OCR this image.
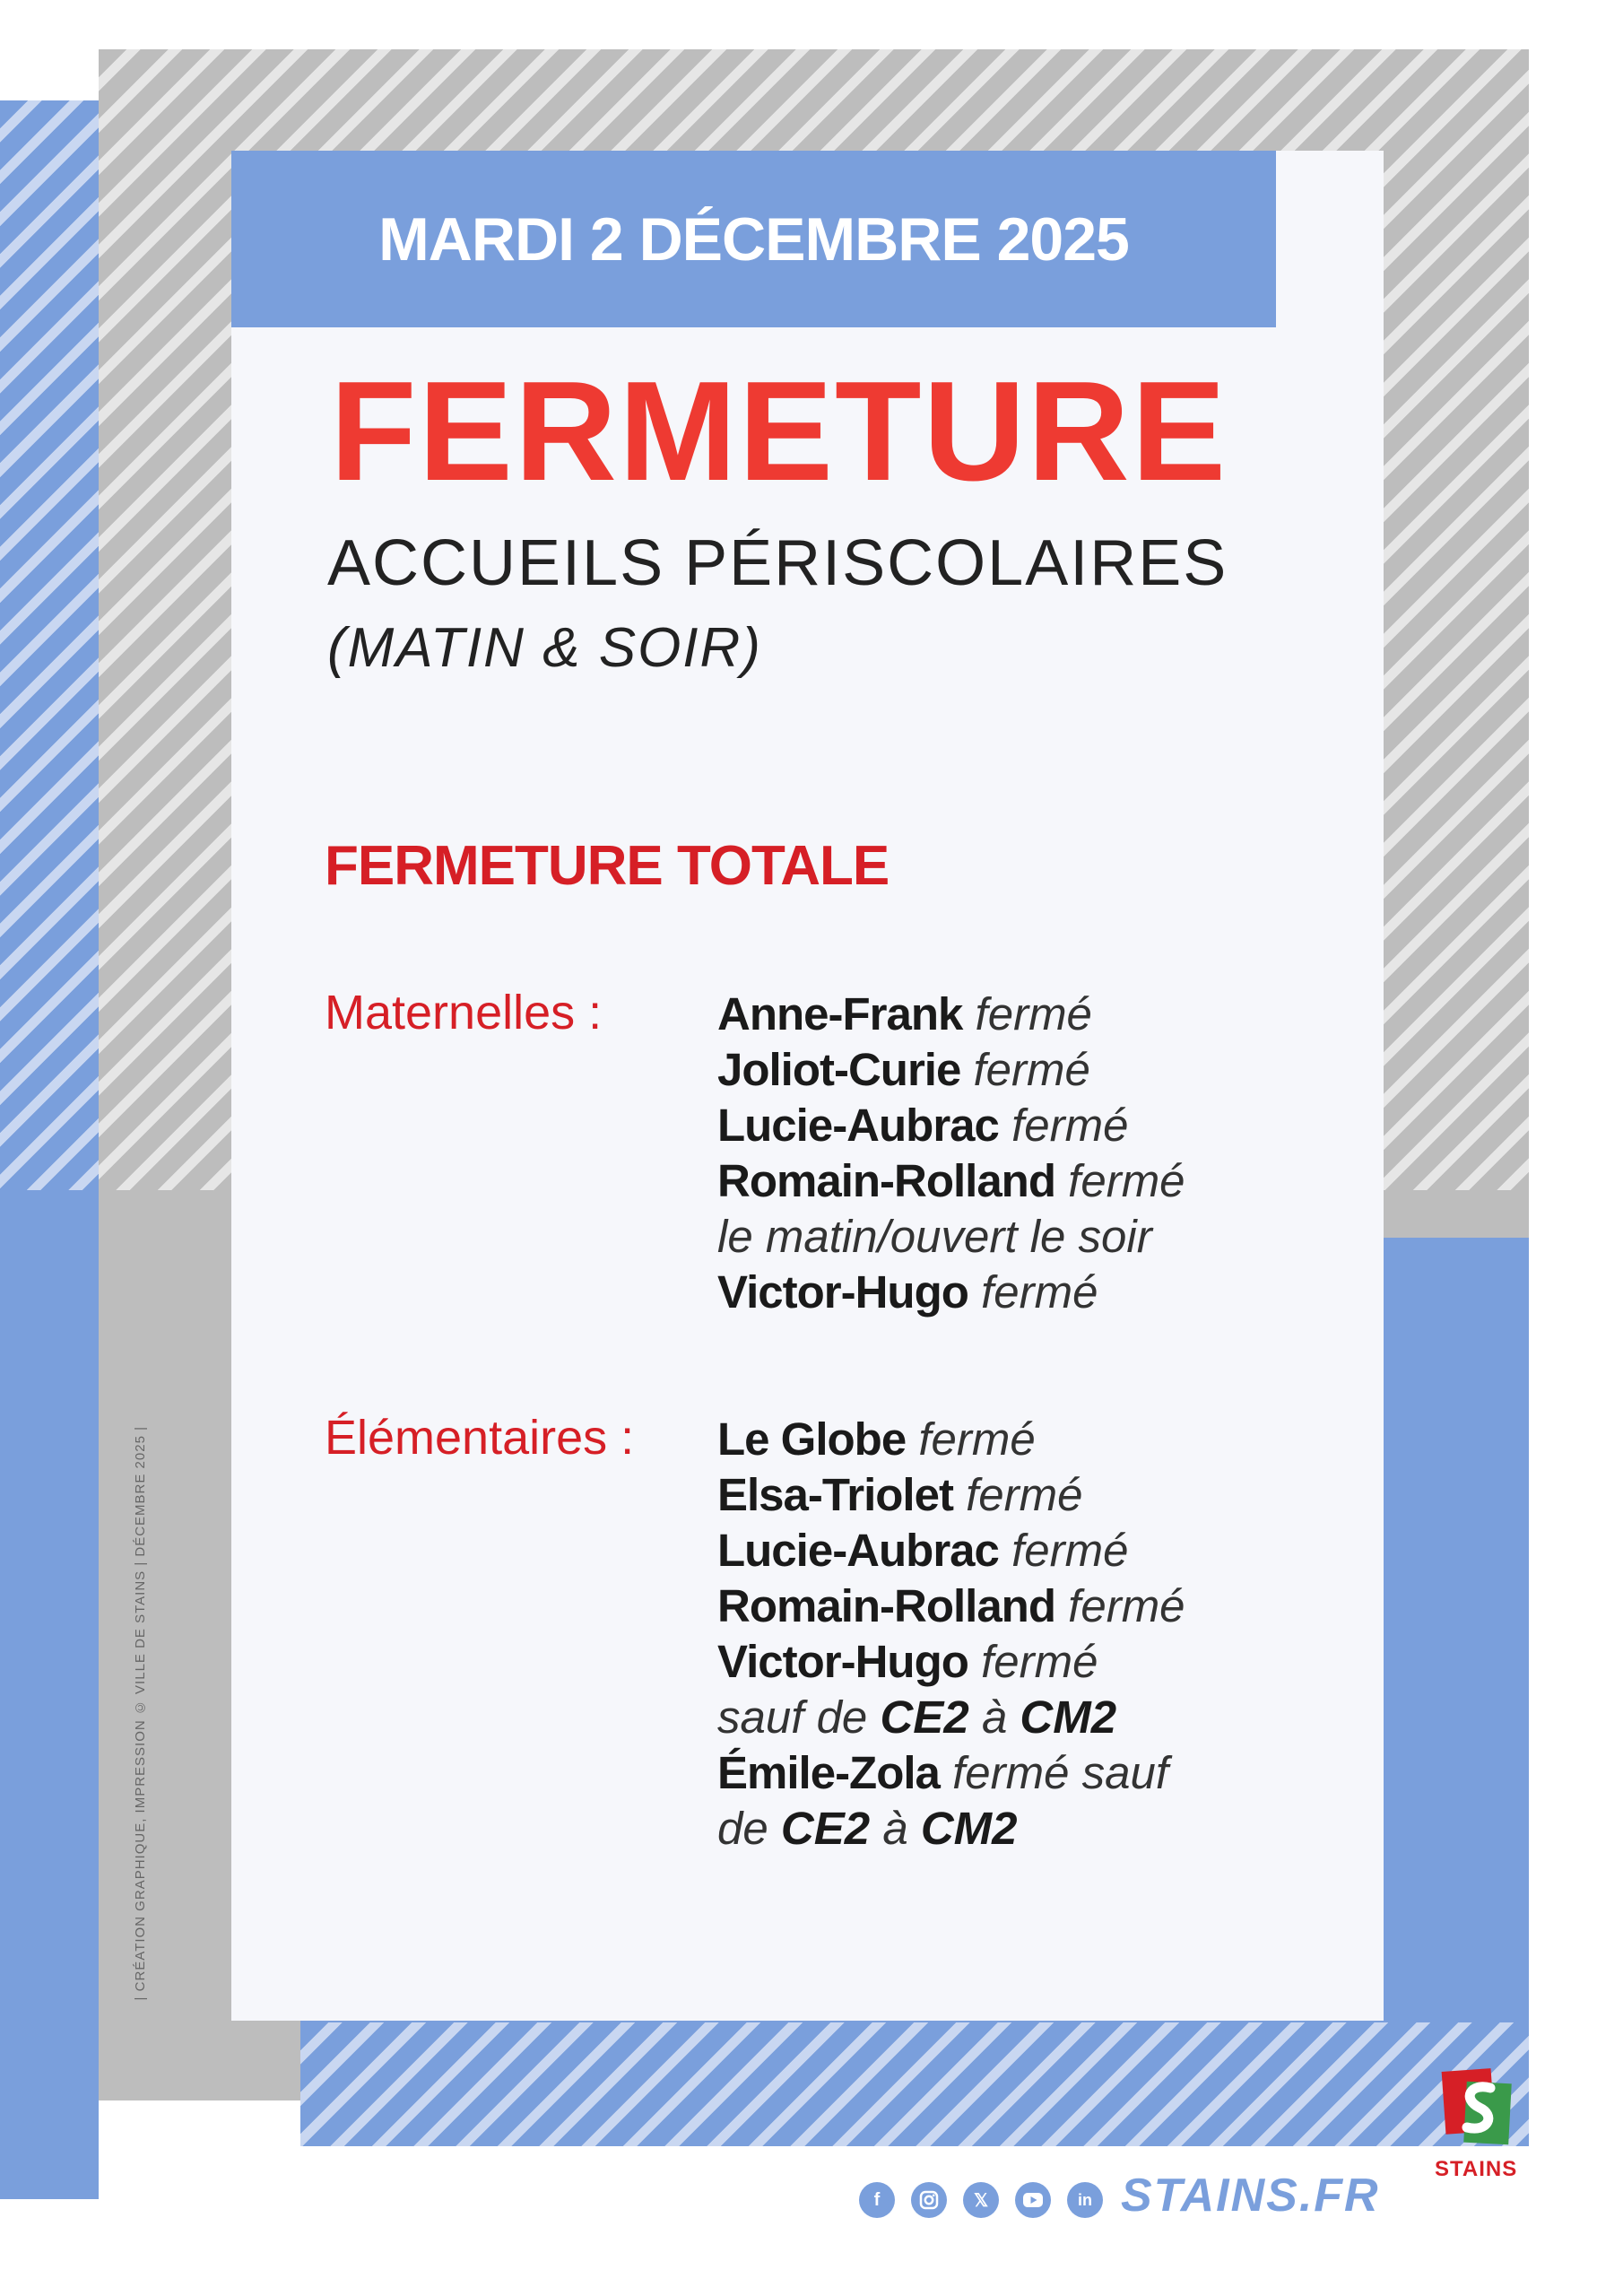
MARDI 2 DÉCEMBRE 2025
FERMETURE
ACCUEILS PÉRISCOLAIRES
(MATIN & SOIR)
FERMETURE TOTALE
Maternelles :	Anne-Frank fermé
Joliot-Curie fermé
Lucie-Aubrac fermé
Romain-Rolland fermé
le matin/ouvert le soir
Victor-Hugo fermé
Élémentaires : Le Globe fermé
Elsa-Triolet fermé
Lucie-Aubrac fermé
Romain-Rolland fermé
Victor-Hugo fermé
sauf de CE2 à CM2
Émile-Zola fermé sauf
de CE2 à CM2
| CRÉATION GRAPHIQUE, IMPRESSION © VILLE DE STAINS | DÉCEMBRE 2025 |
f	𝕏	in STAINS.FR
STAINS
